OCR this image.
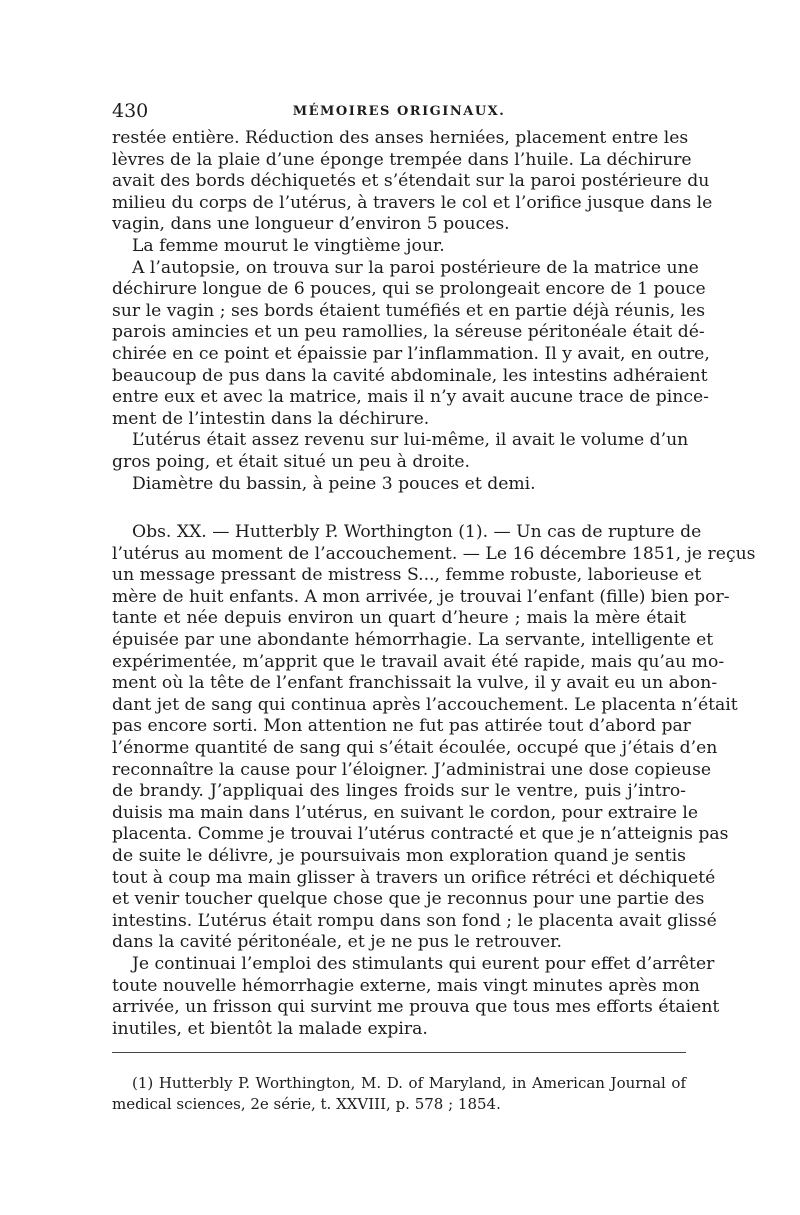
430	MÉMOIRES ORIGINAUX.
restée entière. Réduction des anses herniées, placement entre les
lèvres de la plaie d’une éponge trempée dans l’huile. La déchirure
avait des bords déchiquetés et s’étendait sur la paroi postérieure du
milieu du corps de l’utérus, à travers le col et l’orifice jusque dans le
vagin, dans une longueur d’environ 5 pouces.
La femme mourut le vingtième jour.
A l’autopsie, on trouva sur la paroi postérieure de la matrice une
déchirure longue de 6 pouces, qui se prolongeait encore de 1 pouce
sur le vagin ; ses bords étaient tuméfiés et en partie déjà réunis, les
parois amincies et un peu ramollies, la séreuse péritonéale était dé-
chirée en ce point et épaissie par l’inflammation. Il y avait, en outre,
beaucoup de pus dans la cavité abdominale, les intestins adhéraient
entre eux et avec la matrice, mais il n’y avait aucune trace de pince-
ment de l’intestin dans la déchirure.
L’utérus était assez revenu sur lui-même, il avait le volume d’un
gros poing, et était situé un peu à droite.
Diamètre du bassin, à peine 3 pouces et demi.
Obs. XX. — Hutterbly P. Worthington (1). — Un cas de rupture de
l’utérus au moment de l’accouchement. — Le 16 décembre 1851, je reçus
un message pressant de mistress S..., femme robuste, laborieuse et
mère de huit enfants. A mon arrivée, je trouvai l’enfant (fille) bien por-
tante et née depuis environ un quart d’heure ; mais la mère était
épuisée par une abondante hémorrhagie. La servante, intelligente et
expérimentée, m’apprit que le travail avait été rapide, mais qu’au mo-
ment où la tête de l’enfant franchissait la vulve, il y avait eu un abon-
dant jet de sang qui continua après l’accouchement. Le placenta n’était
pas encore sorti. Mon attention ne fut pas attirée tout d’abord par
l’énorme quantité de sang qui s’était écoulée, occupé que j’étais d’en
reconnaître la cause pour l’éloigner. J’administrai une dose copieuse
de brandy. J’appliquai des linges froids sur le ventre, puis j’intro-
duisis ma main dans l’utérus, en suivant le cordon, pour extraire le
placenta. Comme je trouvai l’utérus contracté et que je n’atteignis pas
de suite le délivre, je poursuivais mon exploration quand je sentis
tout à coup ma main glisser à travers un orifice rétréci et déchiqueté
et venir toucher quelque chose que je reconnus pour une partie des
intestins. L’utérus était rompu dans son fond ; le placenta avait glissé
dans la cavité péritonéale, et je ne pus le retrouver.
Je continuai l’emploi des stimulants qui eurent pour effet d’arrêter
toute nouvelle hémorrhagie externe, mais vingt minutes après mon
arrivée, un frisson qui survint me prouva que tous mes efforts étaient
inutiles, et bientôt la malade expira.
(1) Hutterbly P. Worthington, M. D. of Maryland, in American Journal of
medical sciences, 2e série, t. XXVIII, p. 578 ; 1854.
